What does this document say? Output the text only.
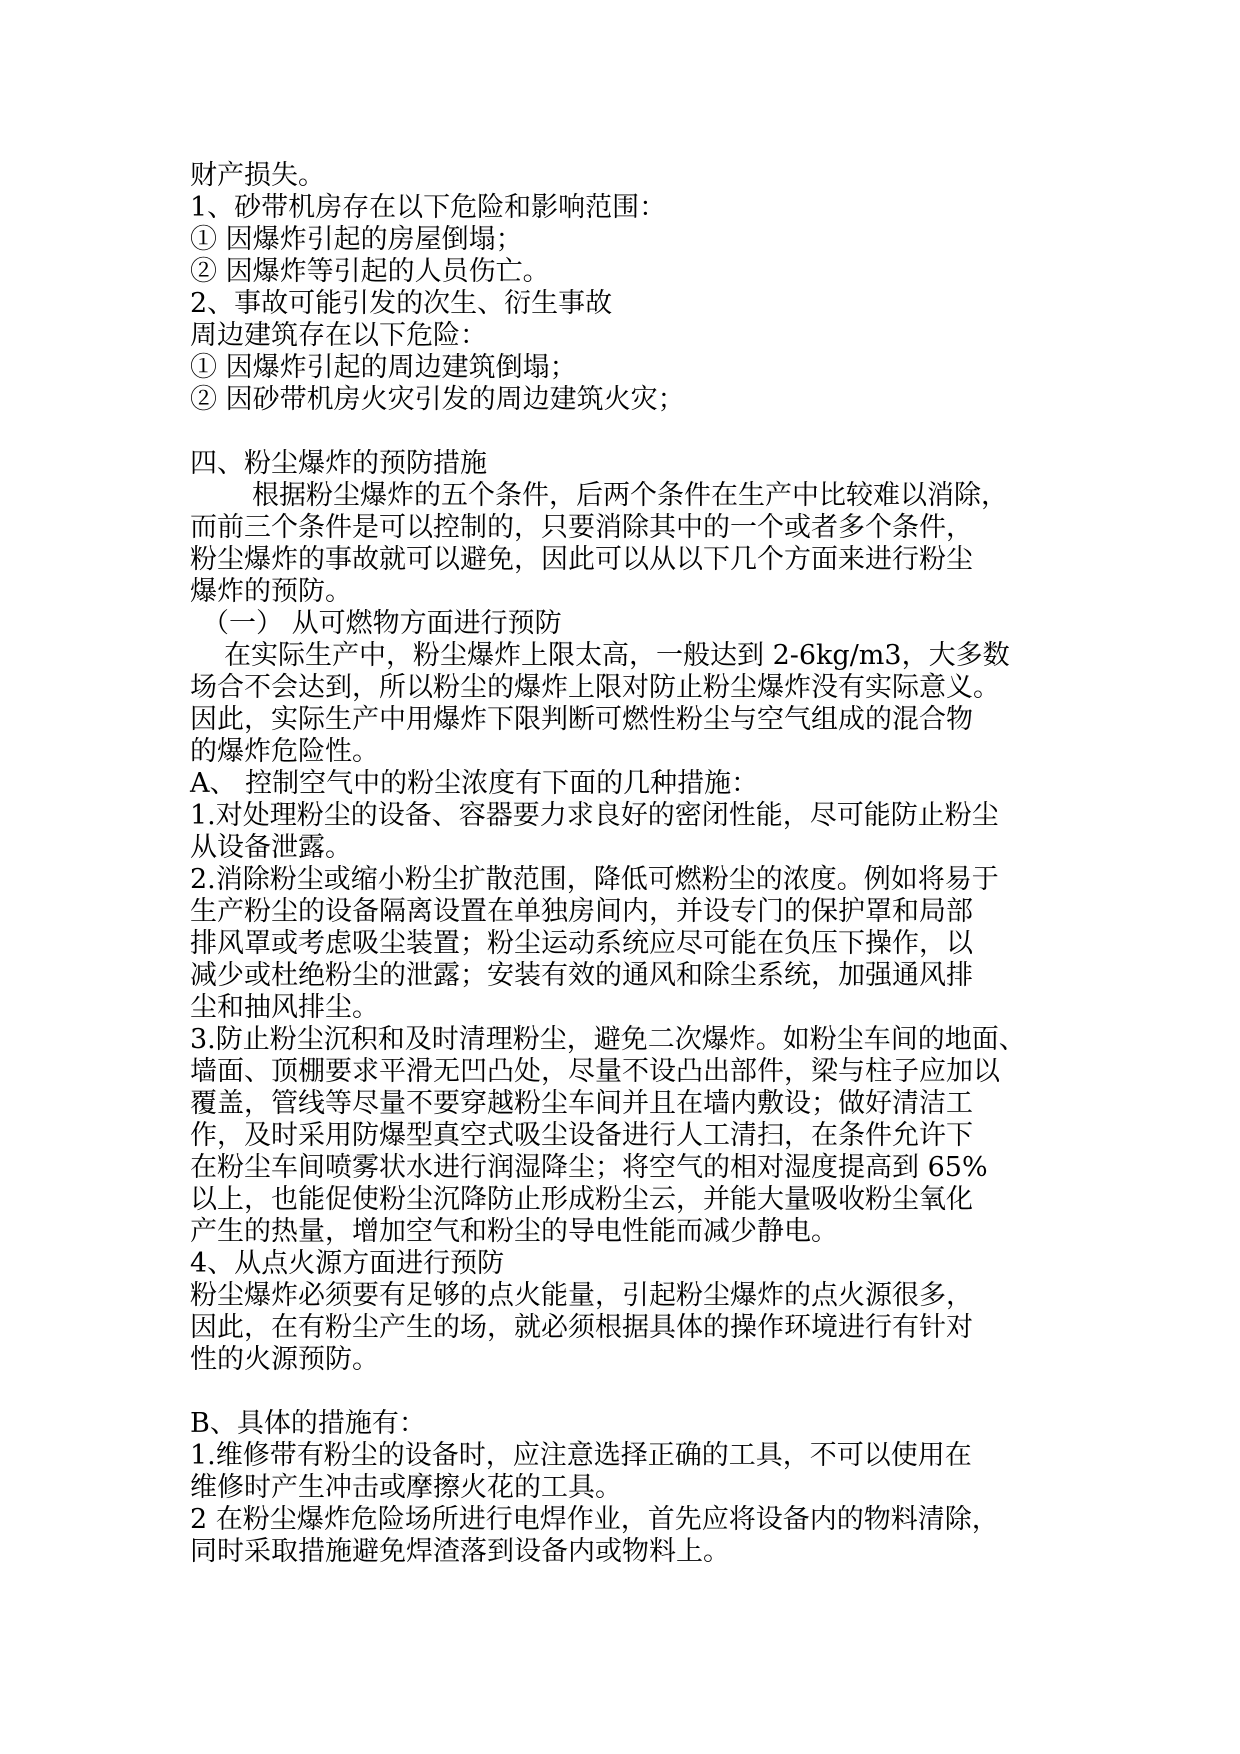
财产损失。
1、砂带机房存在以下危险和影响范围：
① 因爆炸引起的房屋倒塌；
② 因爆炸等引起的人员伤亡。
2、事故可能引发的次生、衍生事故
周边建筑存在以下危险：
① 因爆炸引起的周边建筑倒塌；
② 因砂带机房火灾引发的周边建筑火灾；
四、粉尘爆炸的预防措施
根据粉尘爆炸的五个条件，后两个条件在生产中比较难以消除，
而前三个条件是可以控制的，只要消除其中的一个或者多个条件，
粉尘爆炸的事故就可以避免，因此可以从以下几个方面来进行粉尘
爆炸的预防。
（一） 从可燃物方面进行预防
在实际生产中，粉尘爆炸上限太高，一般达到 2-6kg/m3，大多数
场合不会达到，所以粉尘的爆炸上限对防止粉尘爆炸没有实际意义。
因此，实际生产中用爆炸下限判断可燃性粉尘与空气组成的混合物
的爆炸危险性。
A、 控制空气中的粉尘浓度有下面的几种措施：
1.对处理粉尘的设备、容器要力求良好的密闭性能，尽可能防止粉尘
从设备泄露。
2.消除粉尘或缩小粉尘扩散范围，降低可燃粉尘的浓度。例如将易于
生产粉尘的设备隔离设置在单独房间内，并设专门的保护罩和局部
排风罩或考虑吸尘装置；粉尘运动系统应尽可能在负压下操作，以
减少或杜绝粉尘的泄露；安装有效的通风和除尘系统，加强通风排
尘和抽风排尘。
3.防止粉尘沉积和及时清理粉尘，避免二次爆炸。如粉尘车间的地面、
墙面、顶棚要求平滑无凹凸处，尽量不设凸出部件，梁与柱子应加以
覆盖，管线等尽量不要穿越粉尘车间并且在墙内敷设；做好清洁工
作，及时采用防爆型真空式吸尘设备进行人工清扫，在条件允许下
在粉尘车间喷雾状水进行润湿降尘；将空气的相对湿度提高到 65%
以上，也能促使粉尘沉降防止形成粉尘云，并能大量吸收粉尘氧化
产生的热量，增加空气和粉尘的导电性能而减少静电。
4、从点火源方面进行预防
粉尘爆炸必须要有足够的点火能量，引起粉尘爆炸的点火源很多，
因此，在有粉尘产生的场，就必须根据具体的操作环境进行有针对
性的火源预防。
B、具体的措施有：
1.维修带有粉尘的设备时，应注意选择正确的工具，不可以使用在
维修时产生冲击或摩擦火花的工具。
2 在粉尘爆炸危险场所进行电焊作业，首先应将设备内的物料清除，
同时采取措施避免焊渣落到设备内或物料上。
